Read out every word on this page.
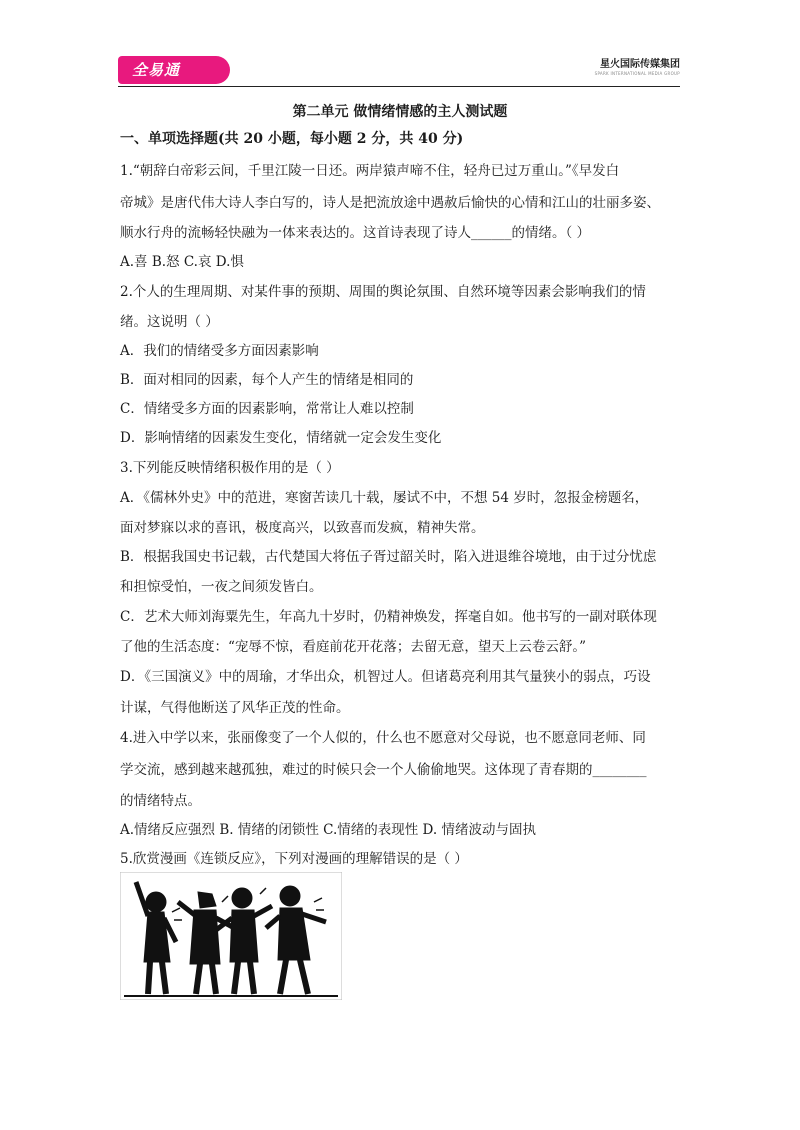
全易通	星火国际传媒集团
SPARK INTERNATIONAL MEDIA GROUP
第二单元 做情绪情感的主人测试题
一、单项选择题(共 20 小题，每小题 2 分，共 40 分)
1.“朝辞白帝彩云间，千里江陵一日还。两岸猿声啼不住，轻舟已过万重山。”《早发白
帝城》是唐代伟大诗人李白写的，诗人是把流放途中遇赦后愉快的心情和江山的壮丽多姿、
顺水行舟的流畅轻快融为一体来表达的。这首诗表现了诗人______的情绪。（ ）
A.喜 B.怒 C.哀 D.惧
2.个人的生理周期、对某件事的预期、周围的舆论氛围、自然环境等因素会影响我们的情
绪。这说明（ ）
A．我们的情绪受多方面因素影响
B．面对相同的因素，每个人产生的情绪是相同的
C．情绪受多方面的因素影响，常常让人难以控制
D．影响情绪的因素发生变化，情绪就一定会发生变化
3.下列能反映情绪积极作用的是（ ）
A．《儒林外史》中的范进，寒窗苦读几十载，屡试不中，不想 54 岁时，忽报金榜题名，
面对梦寐以求的喜讯，极度高兴，以致喜而发疯，精神失常。
B．根据我国史书记载，古代楚国大将伍子胥过韶关时，陷入进退维谷境地，由于过分忧虑
和担惊受怕，一夜之间须发皆白。
C．艺术大师刘海粟先生，年高九十岁时，仍精神焕发，挥毫自如。他书写的一副对联体现
了他的生活态度：“宠辱不惊，看庭前花开花落；去留无意，望天上云卷云舒。”
D．《三国演义》中的周瑜，才华出众，机智过人。但诸葛亮利用其气量狭小的弱点，巧设
计谋，气得他断送了风华正茂的性命。
4.进入中学以来，张丽像变了一个人似的，什么也不愿意对父母说，也不愿意同老师、同
学交流，感到越来越孤独，难过的时候只会一个人偷偷地哭。这体现了青春期的________
的情绪特点。
A.情绪反应强烈 B. 情绪的闭锁性 C.情绪的表现性 D. 情绪波动与固执
5.欣赏漫画《连锁反应》，下列对漫画的理解错误的是（ ）
